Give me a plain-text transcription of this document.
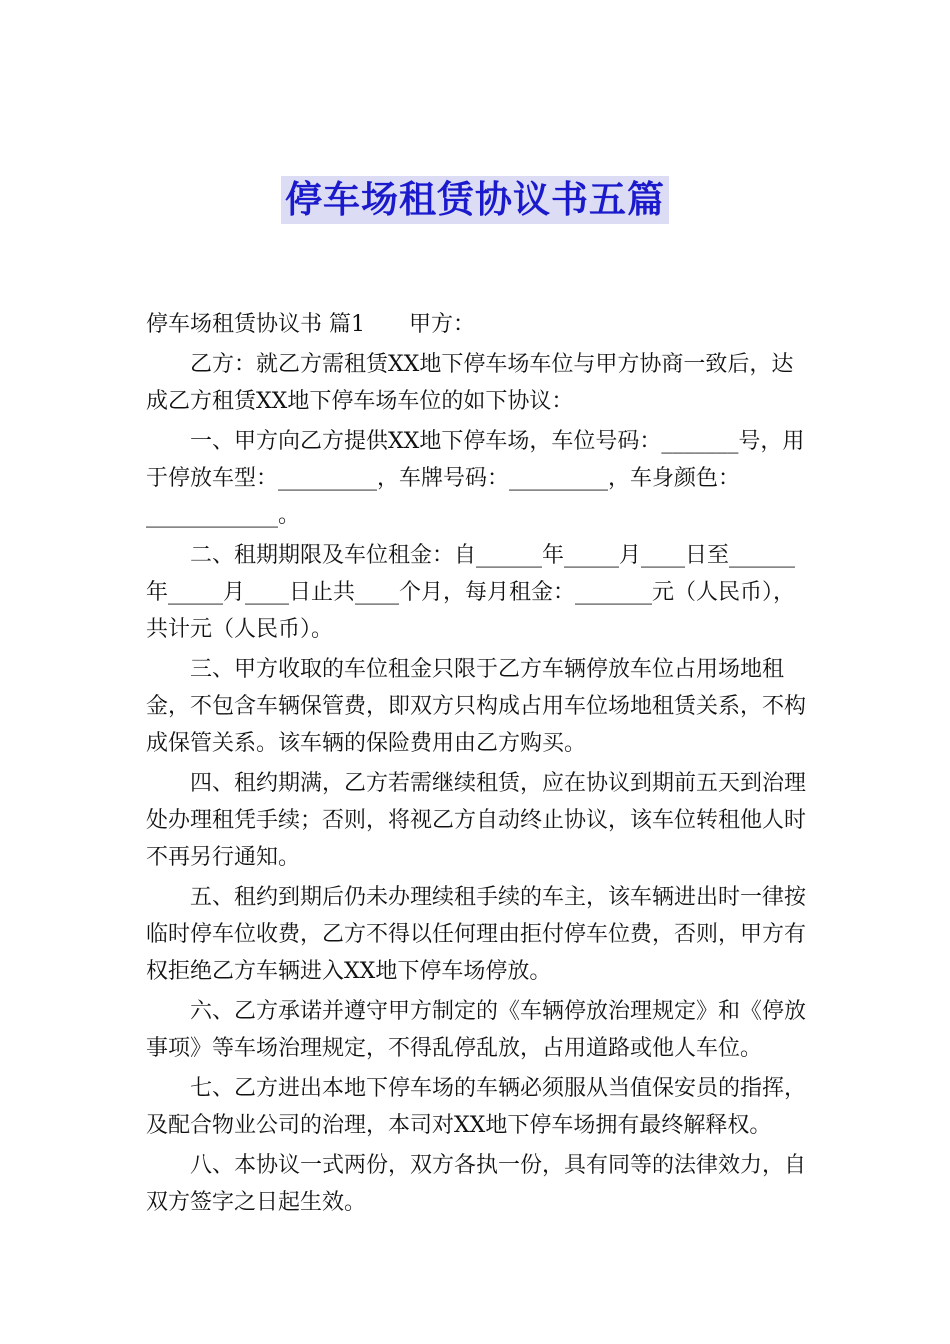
停车场租赁协议书五篇

停车场租赁协议书 篇1 甲方：

乙方：就乙方需租赁XX地下停车场车位与甲方协商一致后，达成乙方租赁XX地下停车场车位的如下协议：

一、甲方向乙方提供XX地下停车场，车位号码：_______号，用于停放车型：_________，车牌号码：_________，车身颜色：____________。

二、租期期限及车位租金：自______年_____月____日至______年_____月____日止共____个月，每月租金：_______元（人民币），共计元（人民币）。

三、甲方收取的车位租金只限于乙方车辆停放车位占用场地租金，不包含车辆保管费，即双方只构成占用车位场地租赁关系，不构成保管关系。该车辆的保险费用由乙方购买。

四、租约期满，乙方若需继续租赁，应在协议到期前五天到治理处办理租凭手续；否则，将视乙方自动终止协议，该车位转租他人时不再另行通知。

五、租约到期后仍未办理续租手续的车主，该车辆进出时一律按临时停车位收费，乙方不得以任何理由拒付停车位费，否则，甲方有权拒绝乙方车辆进入XX地下停车场停放。

六、乙方承诺并遵守甲方制定的《车辆停放治理规定》和《停放事项》等车场治理规定，不得乱停乱放，占用道路或他人车位。

七、乙方进出本地下停车场的车辆必须服从当值保安员的指挥，及配合物业公司的治理，本司对XX地下停车场拥有最终解释权。

八、本协议一式两份，双方各执一份，具有同等的法律效力，自双方签字之日起生效。
